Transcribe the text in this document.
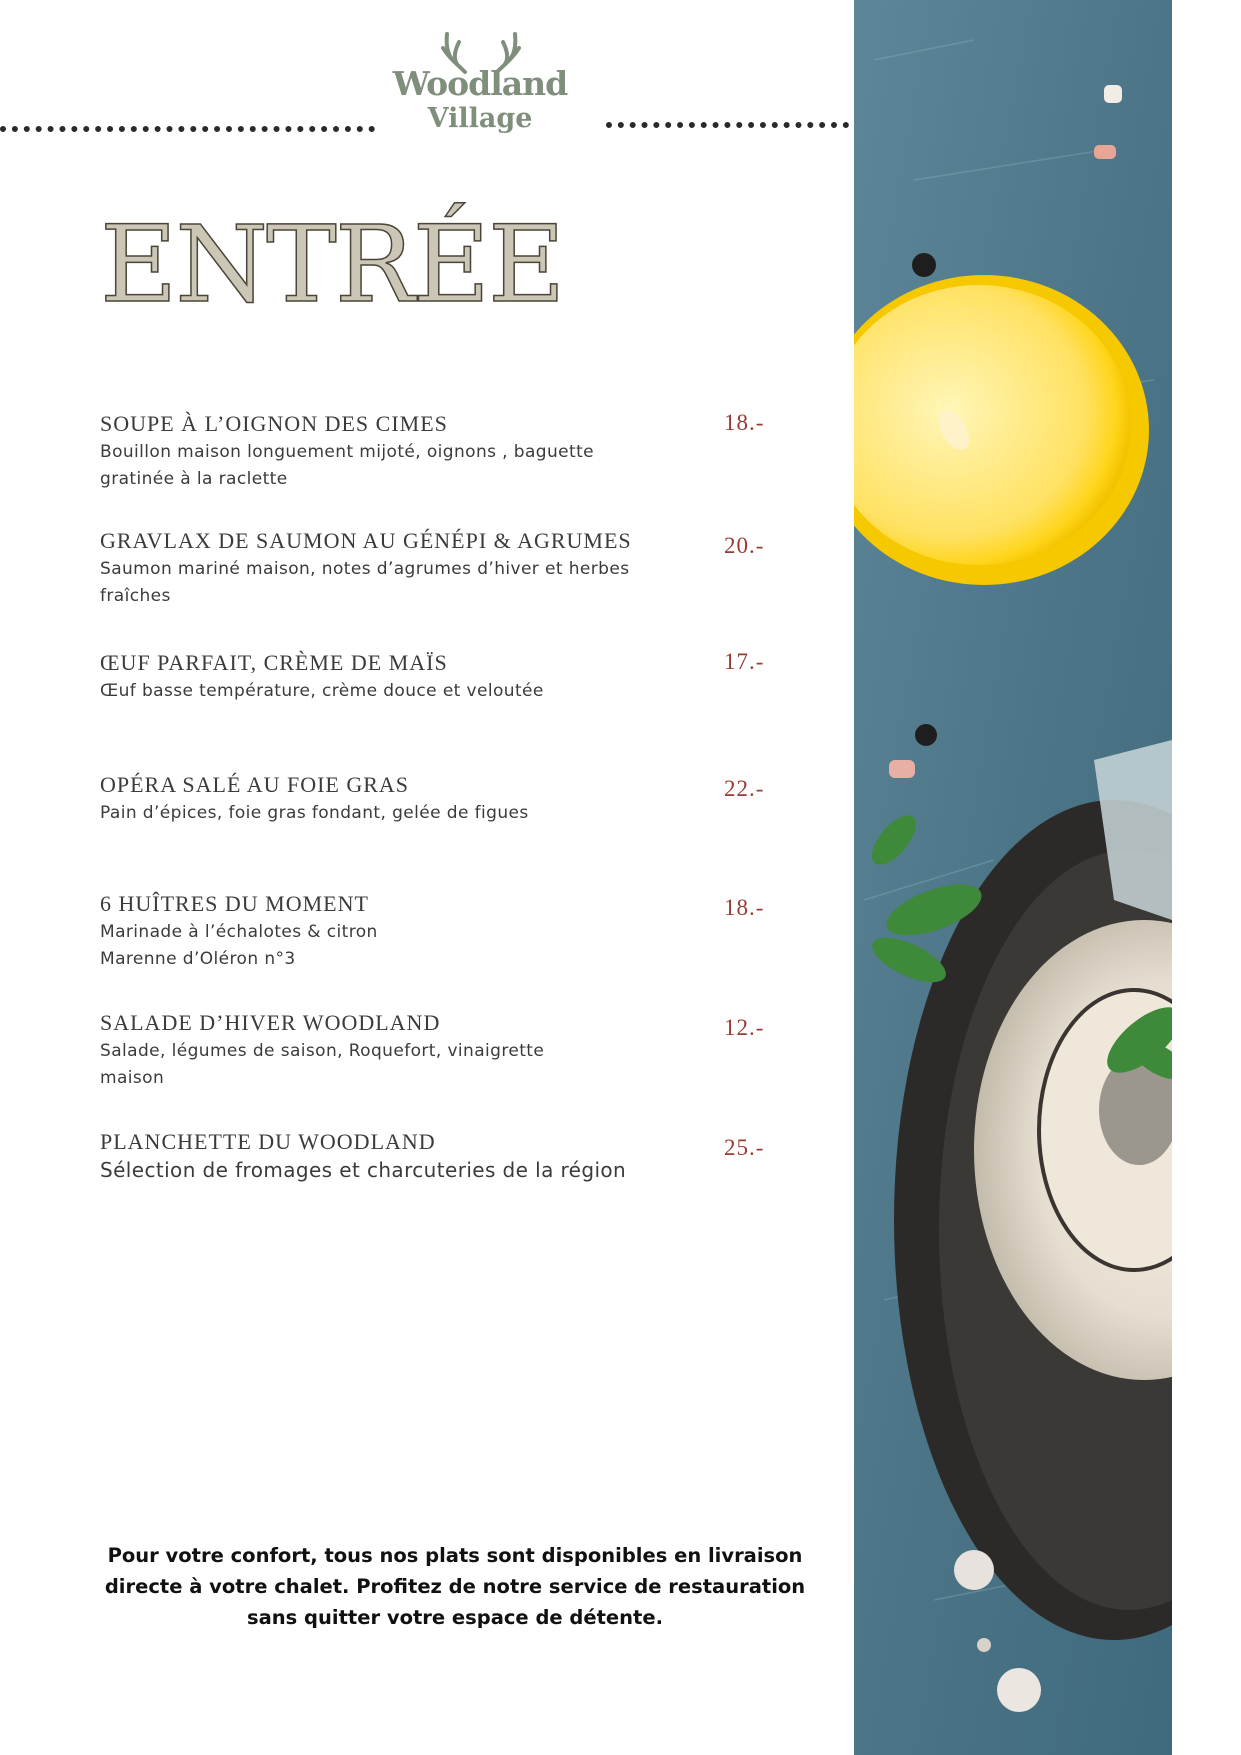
Woodland
Village
ENTRÉE
SOUPE À L’OIGNON DES CIMES
Bouillon maison longuement mijoté, oignons , baguette gratinée à la raclette
18.-
GRAVLAX DE SAUMON AU GÉNÉPI & AGRUMES
Saumon mariné maison, notes d’agrumes d’hiver et herbes fraîches
20.-
ŒUF PARFAIT, CRÈME DE MAÏS
Œuf basse température, crème douce et veloutée
17.-
OPÉRA SALÉ AU FOIE GRAS
Pain d’épices, foie gras fondant, gelée de figues
22.-
6 HUÎTRES DU MOMENT
Marinade à l’échalotes & citron
Marenne d’Oléron n°3
18.-
SALADE D’HIVER WOODLAND
Salade, légumes de saison, Roquefort, vinaigrette maison
12.-
PLANCHETTE DU WOODLAND
Sélection de fromages et charcuteries de la région
25.-
Pour votre confort, tous nos plats sont disponibles en livraison
directe à votre chalet. Profitez de notre service de restauration
sans quitter votre espace de détente.
